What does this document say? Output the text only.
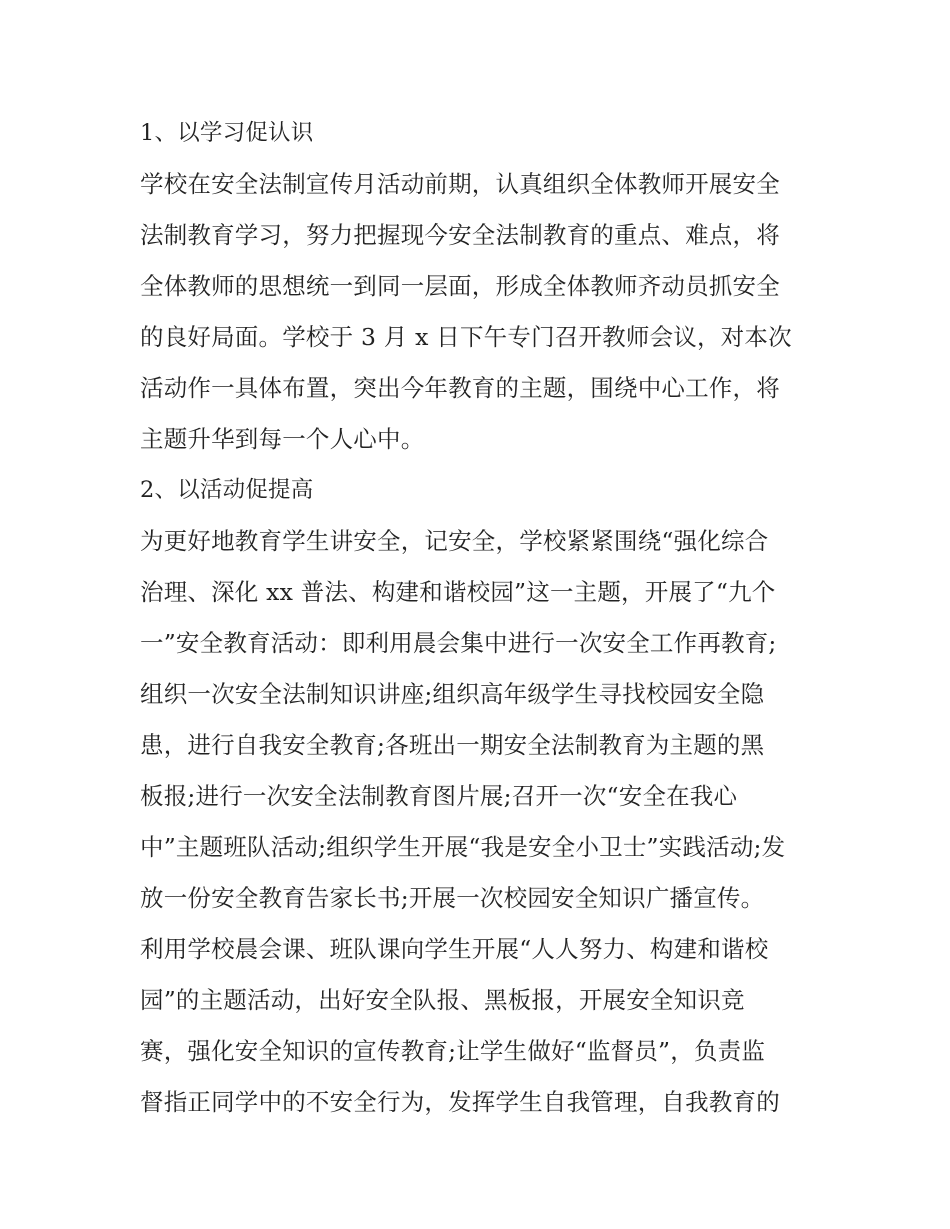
1、以学习促认识
学校在安全法制宣传月活动前期，认真组织全体教师开展安全
法制教育学习，努力把握现今安全法制教育的重点、难点，将
全体教师的思想统一到同一层面，形成全体教师齐动员抓安全
的良好局面。学校于 3 月 x 日下午专门召开教师会议，对本次
活动作一具体布置，突出今年教育的主题，围绕中心工作，将
主题升华到每一个人心中。
2、以活动促提高
为更好地教育学生讲安全，记安全，学校紧紧围绕“强化综合
治理、深化 xx 普法、构建和谐校园”这一主题，开展了“九个
一”安全教育活动：即利用晨会集中进行一次安全工作再教育;
组织一次安全法制知识讲座;组织高年级学生寻找校园安全隐
患，进行自我安全教育;各班出一期安全法制教育为主题的黑
板报;进行一次安全法制教育图片展;召开一次“安全在我心
中”主题班队活动;组织学生开展“我是安全小卫士”实践活动;发
放一份安全教育告家长书;开展一次校园安全知识广播宣传。
利用学校晨会课、班队课向学生开展“人人努力、构建和谐校
园”的主题活动，出好安全队报、黑板报，开展安全知识竞
赛，强化安全知识的宣传教育;让学生做好“监督员”，负责监
督指正同学中的不安全行为，发挥学生自我管理，自我教育的
